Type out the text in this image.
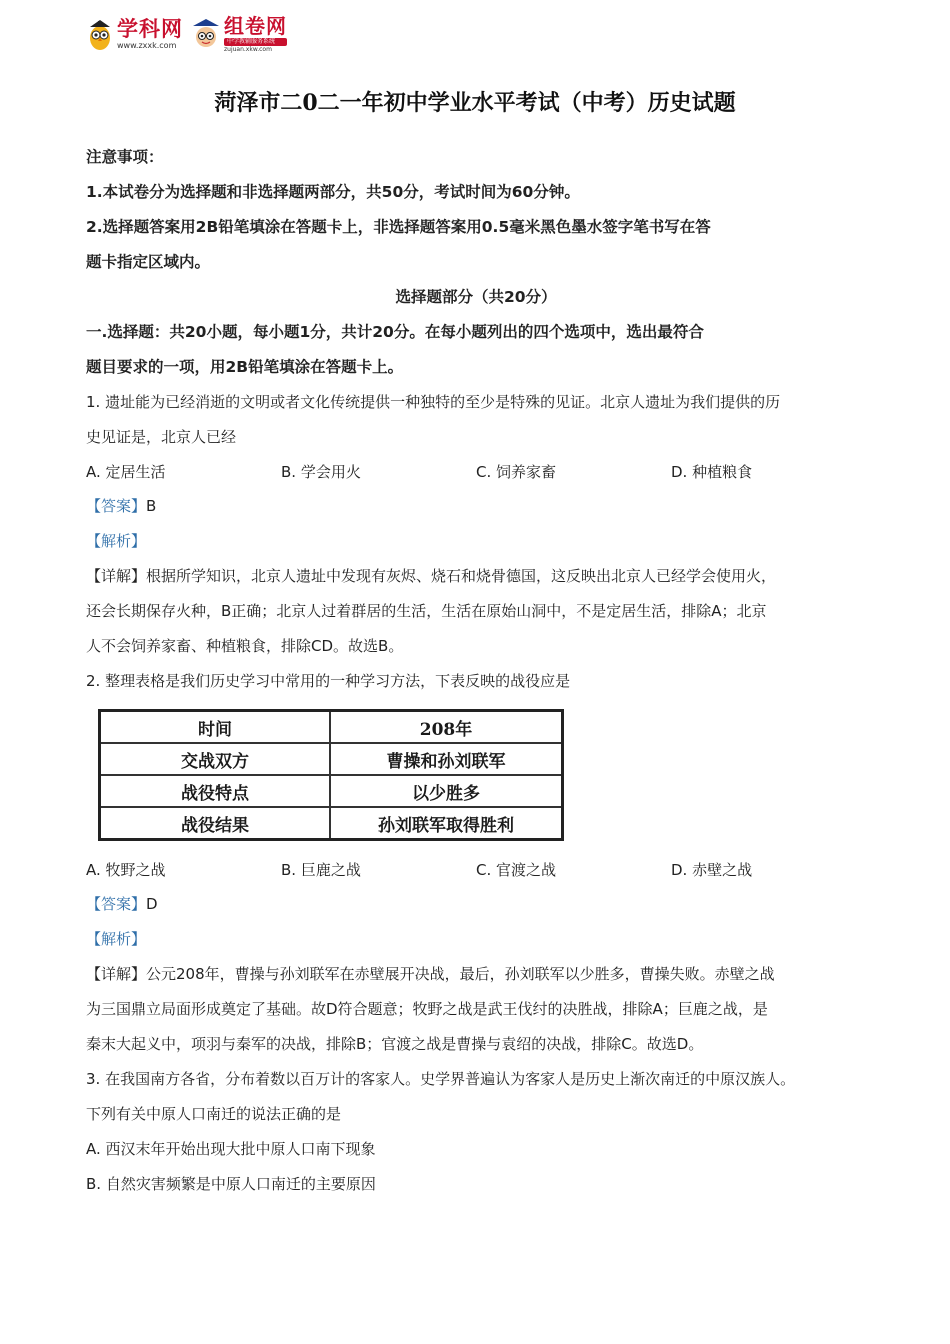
学科网
www.zxxk.com
组卷网
中学教辅服务系统
zujuan.xkw.com
菏泽市二0二一年初中学业水平考试（中考）历史试题
注意事项：
1.本试卷分为选择题和非选择题两部分，共50分，考试时间为60分钟。
2.选择题答案用2B铅笔填涂在答题卡上，非选择题答案用0.5毫米黑色墨水签字笔书写在答
题卡指定区域内。
选择题部分（共20分）
一.选择题：共20小题，每小题1分，共计20分。在每小题列出的四个选项中，选出最符合
题目要求的一项，用2B铅笔填涂在答题卡上。
1. 遗址能为已经消逝的文明或者文化传统提供一种独特的至少是特殊的见证。北京人遗址为我们提供的历
史见证是，北京人已经
A. 定居生活	B. 学会用火	C. 饲养家畜	D. 种植粮食
【答案】B
【解析】
【详解】根据所学知识，北京人遗址中发现有灰烬、烧石和烧骨德国，这反映出北京人已经学会使用火，
还会长期保存火种，B正确；北京人过着群居的生活，生活在原始山洞中，不是定居生活，排除A；北京
人不会饲养家畜、种植粮食，排除CD。故选B。
2. 整理表格是我们历史学习中常用的一种学习方法，下表反映的战役应是
时间	208年
交战双方	曹操和孙刘联军
战役特点	以少胜多
战役结果	孙刘联军取得胜利
A. 牧野之战	B. 巨鹿之战	C. 官渡之战	D. 赤壁之战
【答案】D
【解析】
【详解】公元208年，曹操与孙刘联军在赤壁展开决战，最后，孙刘联军以少胜多，曹操失败。赤壁之战
为三国鼎立局面形成奠定了基础。故D符合题意；牧野之战是武王伐纣的决胜战，排除A；巨鹿之战，是
秦末大起义中，项羽与秦军的决战，排除B；官渡之战是曹操与袁绍的决战，排除C。故选D。
3. 在我国南方各省，分布着数以百万计的客家人。史学界普遍认为客家人是历史上渐次南迁的中原汉族人。
下列有关中原人口南迁的说法正确的是
A. 西汉末年开始出现大批中原人口南下现象
B. 自然灾害频繁是中原人口南迁的主要原因
